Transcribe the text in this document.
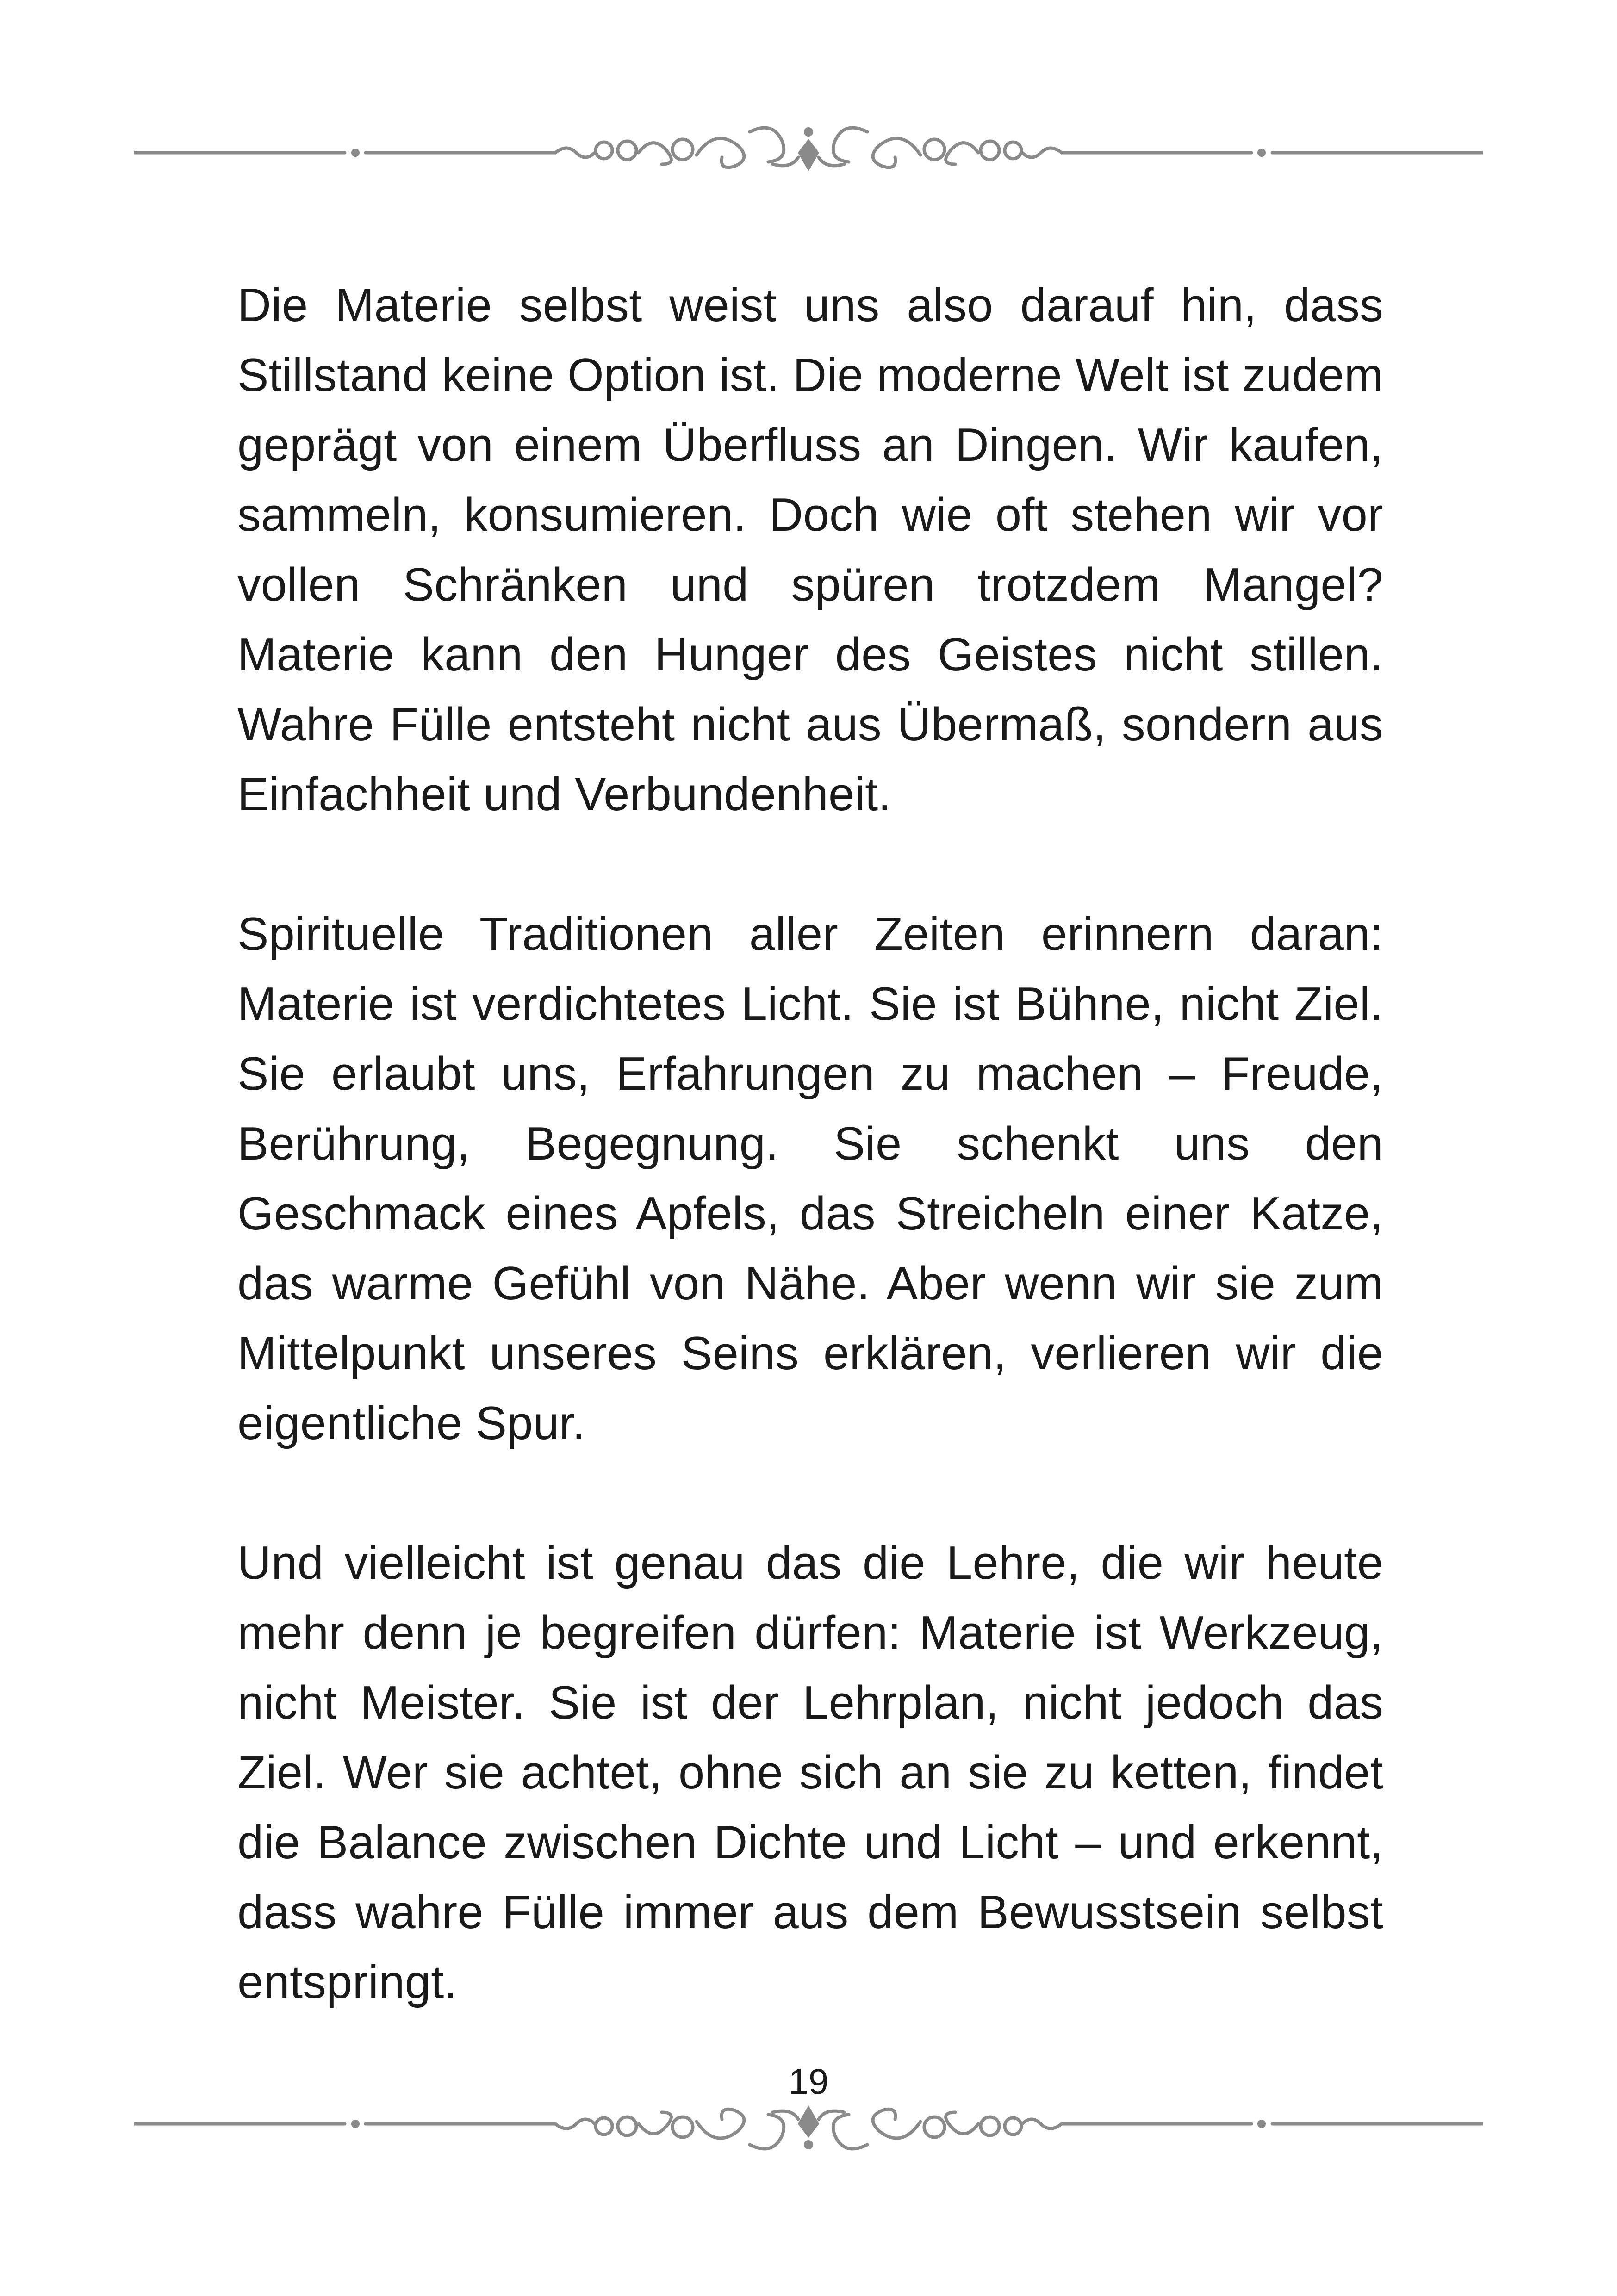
Die Materie selbst weist uns also darauf hin, dass Stillstand keine Option ist. Die moderne Welt ist zudem geprägt von einem Überfluss an Dingen. Wir kaufen, sammeln, konsumieren. Doch wie oft stehen wir vor vollen Schränken und spüren trotzdem Mangel? Materie kann den Hunger des Geistes nicht stillen. Wahre Fülle entsteht nicht aus Übermaß, sondern aus Einfachheit und Verbundenheit.

Spirituelle Traditionen aller Zeiten erinnern daran: Materie ist verdichtetes Licht. Sie ist Bühne, nicht Ziel. Sie erlaubt uns, Erfahrungen zu machen – Freude, Berührung, Begegnung. Sie schenkt uns den Geschmack eines Apfels, das Streicheln einer Katze, das warme Gefühl von Nähe. Aber wenn wir sie zum Mittelpunkt unseres Seins erklären, verlieren wir die eigentliche Spur.

Und vielleicht ist genau das die Lehre, die wir heute mehr denn je begreifen dürfen: Materie ist Werkzeug, nicht Meister. Sie ist der Lehrplan, nicht jedoch das Ziel. Wer sie achtet, ohne sich an sie zu ketten, findet die Balance zwischen Dichte und Licht – und erkennt, dass wahre Fülle immer aus dem Bewusstsein selbst entspringt.

19
